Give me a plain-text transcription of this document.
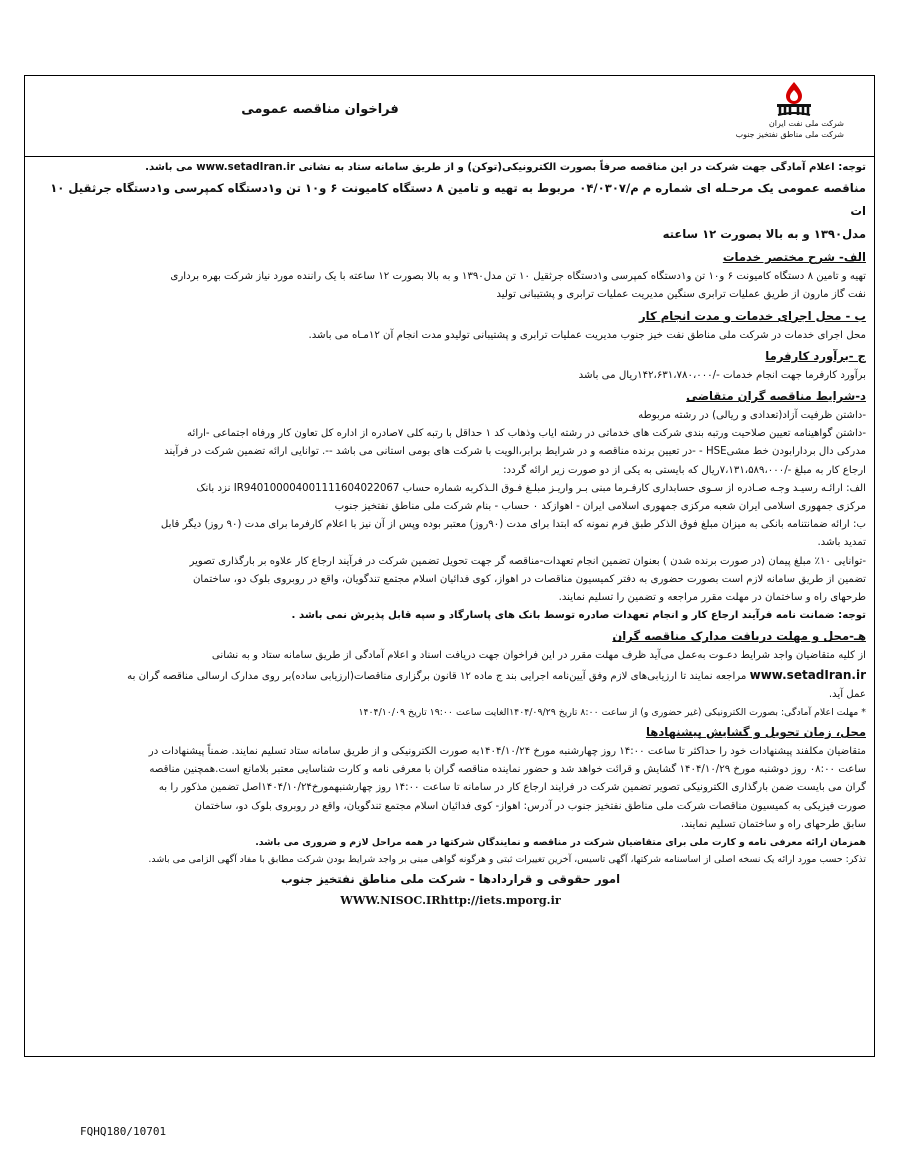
فراخوان مناقصه عمومی
شرکت ملی نفت ایران
شرکت ملی مناطق نفتخیز جنوب
توجه: اعلام آمادگی جهت شرکت در این مناقصه صرفاً بصورت الکترونیکی(توکن) و از طریق سامانه ستاد به نشانی www.setadIran.ir می باشد.
مناقصه عمومی یک مرحـله ای شماره م م/۰۴/۰۳۰۷ مربوط به تهیه و تامین ۸ دستگاه کامیونت ۶ و۱۰ تن و۱دستگاه کمپرسی و۱دستگاه جرثقیل ۱۰ ات
مدل۱۳۹۰ و به بالا بصورت ۱۲ ساعته
الف- شرح مختصر خدمات
تهیه و تامین ۸ دستگاه کامیونت ۶ و۱۰ تن و۱دستگاه کمپرسی و۱دستگاه جرثقیل ۱۰ تن مدل۱۳۹۰ و به بالا بصورت ۱۲ ساعته با یک راننده مورد نیاز شرکت بهره برداری
نفت گاز مارون از طریق عملیات ترابری سنگین مدیریت عملیات ترابری و پشتیبانی تولید
ب - محل اجرای خدمات و مدت انجام کار
محل اجرای خدمات در شرکت ملی مناطق نفت خیز جنوب مدیریت عملیات ترابری و پشتیبانی تولیدو مدت انجام آن ۱۲مـاه می باشد.
ج -برآورد کارفرما
برآورد کارفرما جهت انجام خدمات -/۱۴۲،۶۳۱،۷۸۰،۰۰۰ریال می باشد
د-شرایط مناقصه گران متقاضی
-داشتن ظرفیت آزاد(تعدادی و ریالی) در رشته مربوطه
-داشتن گواهینامه تعیین صلاحیت ورتبه بندی شرکت های خدماتی در رشته ایاب وذهاب کد ۱ حداقل با رتبه کلی ۷صادره از اداره کل تعاون کار ورفاه اجتماعی -ارائه
مدرکی دال بردارابودن خط مشیHSE - -در تعیین برنده مناقصه و در شرایط برابر،الویت با شرکت های بومی استانی می باشد --. توانایی ارائه تضمین شرکت در فرآیند
ارجاع کار به مبلغ -/۷،۱۳۱،۵۸۹،۰۰۰ریال که بایستی به یکی از دو صورت زیر ارائه گردد:
الف: ارائـه رسیـد وجـه صـادره از سـوی حسابداری کارفـرما مبنی بـر واریـز مبلـغ فـوق الـذکربه شماره حساب IR940100004001111604022067 نزد بانک
مرکزی جمهوری اسلامی ایران شعبه مرکزی جمهوری اسلامی ایران - اهوازکد ۰ حساب - بنام شرکت ملی مناطق نفتخیز جنوب
ب: ارائه ضمانتنامه بانکی به میزان مبلغ فوق الذکر طبق فرم نمونه که ابتدا برای مدت (۹۰روز) معتبر بوده وپس از آن نیز با اعلام کارفرما برای مدت (۹۰ روز) دیگر قابل
تمدید باشد.
-توانایی ۱۰٪ مبلغ پیمان (در صورت برنده شدن ) بعنوان تضمین انجام تعهدات-مناقصه گر جهت تحویل تضمین شرکت در فرآیند ارجاع کار علاوه بر بارگذاری تصویر
تضمین از طریق سامانه لازم است بصورت حضوری به دفتر کمیسیون مناقصات در اهواز، کوی فدائیان اسلام مجتمع تندگویان، واقع در روبروی بلوک دو، ساختمان
طرحهای راه و ساختمان در مهلت مقرر مراجعه و تضمین را تسلیم نمایند.
توجه: ضمانت نامه فرآیند ارجاع کار و انجام تعهدات صادره توسط بانک های پاسارگاد و سپه قابل پذیرش نمی باشد .
هـ-محل و مهلت دریافت مدارک مناقصه گران
از کلیه متقاضیان واجد شرایط دعـوت به‌عمل می‌آید ظرف مهلت مقرر در این فراخوان جهت دریافت اسناد و اعلام آمادگی از طریق سامانه ستاد و به نشانی
www.setadIran.ir مراجعه نمایند تا ارزیابی‌های لازم وفق آیین‌نامه اجرایی بند ج ماده ۱۲ قانون برگزاری مناقصات(ارزیابی ساده)بر روی مدارک ارسالی مناقصه گران به
عمل آید.
* مهلت اعلام آمادگی: بصورت الکترونیکی (غیر حضوری و) از ساعت ۸:۰۰ تاریخ ۱۴۰۴/۰۹/۲۹الغایت ساعت ۱۹:۰۰ تاریخ ۱۴۰۴/۱۰/۰۹
محل، زمان تحویل و گشایش پیشنهادها
متقاضیان مکلفند پیشنهادات خود را حداکثر تا ساعت ۱۴:۰۰ روز چهارشنبه مورخ ۱۴۰۴/۱۰/۲۴به صورت الکترونیکی و از طریق سامانه ستاد تسلیم نمایند. ضمناً پیشنهادات در
ساعت ۰۸:۰۰ روز دوشنبه مورخ ۱۴۰۴/۱۰/۲۹ گشایش و قرائت خواهد شد و حضور نماینده مناقصه گران با معرفی نامه و کارت شناسایی معتبر بلامانع است.همچنین مناقصه
گران می بایست ضمن بارگذاری الکترونیکی تصویر تضمین شرکت در فرایند ارجاع کار در سامانه تا ساعت ۱۴:۰۰ روز چهارشنبهمورخ۱۴۰۴/۱۰/۲۴اصل تضمین مذکور را به
صورت فیزیکی به کمیسیون مناقصات شرکت ملی مناطق نفتخیز جنوب در آدرس: اهواز- کوی فدائیان اسلام مجتمع تندگویان، واقع در روبروی بلوک دو، ساختمان
سابق طرحهای راه و ساختمان تسلیم نمایند.
همزمان ارائه معرفی نامه و کارت ملی برای متقاضیان شرکت در مناقصه و نمایندگان شرکتها در همه مراحل لازم و ضروری می باشد.
تذکر: حسب مورد ارائه یک نسخه اصلی از اساسنامه شرکتها، آگهی تاسیس، آخرین تغییرات ثبتی و هرگونه گواهی مبنی بر واجد شرایط بودن شرکت مطابق با مفاد آگهی الزامی می باشد.
امور حقوقی و قراردادها - شرکت ملی مناطق نفتخیز جنوب
WWW.NISOC.IRhttp://iets.mporg.ir
FQHQ180/10701
